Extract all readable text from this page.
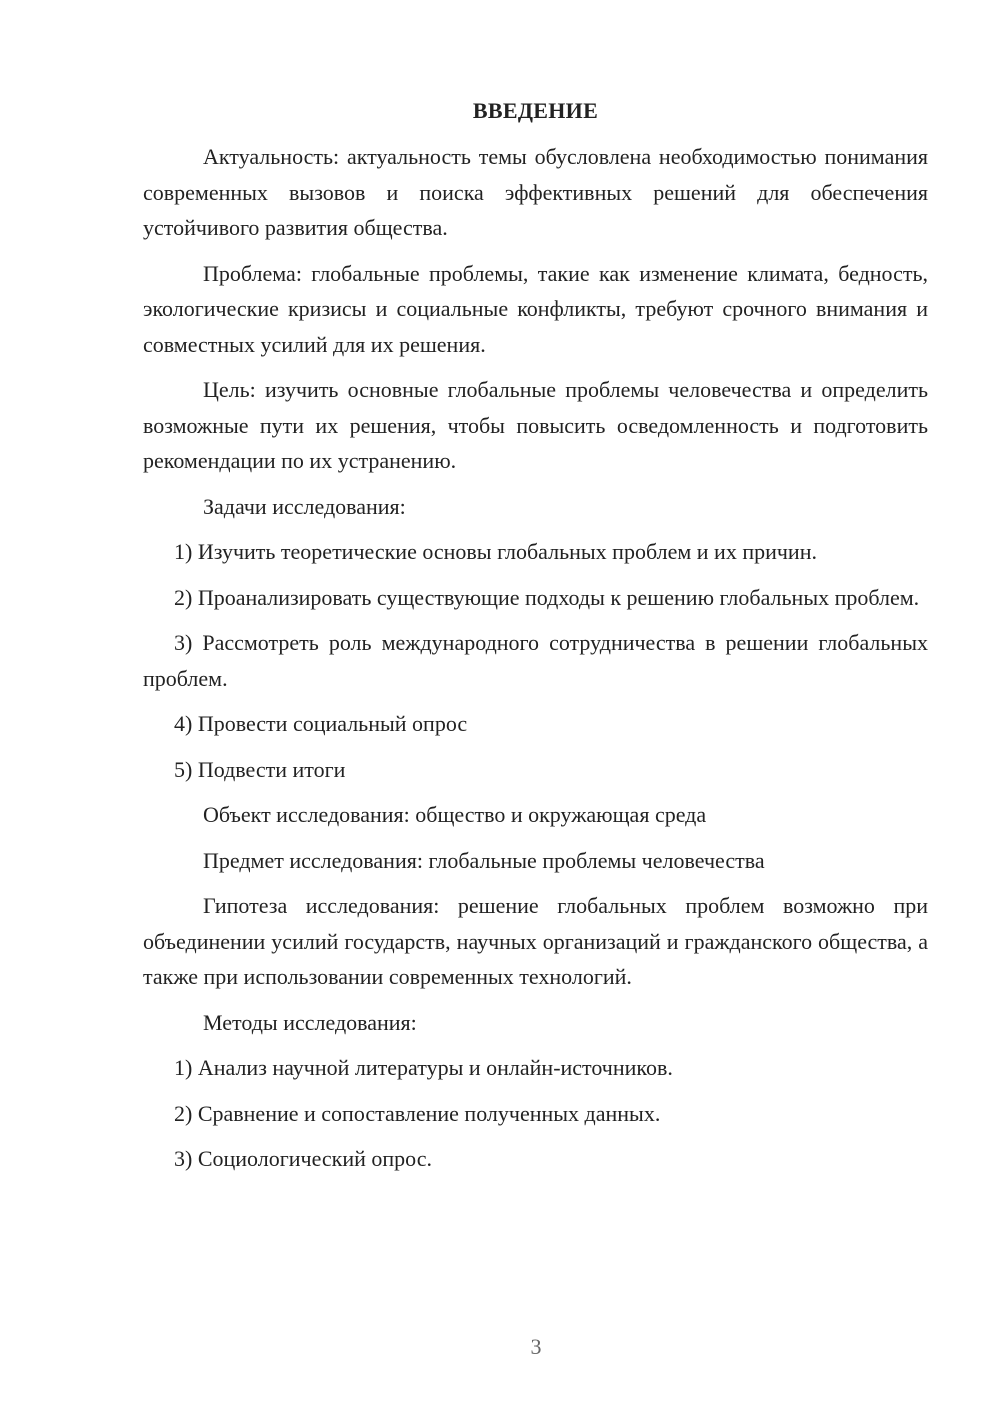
ВВЕДЕНИЕ

Актуальность: актуальность темы обусловлена необходимостью понимания современных вызовов и поиска эффективных решений для обеспечения устойчивого развития общества.

Проблема: глобальные проблемы, такие как изменение климата, бедность, экологические кризисы и социальные конфликты, требуют срочного внимания и совместных усилий для их решения.

Цель: изучить основные глобальные проблемы человечества и определить возможные пути их решения, чтобы повысить осведомленность и подготовить рекомендации по их устранению.

Задачи исследования:

1) Изучить теоретические основы глобальных проблем и их причин.

2) Проанализировать существующие подходы к решению глобальных проблем.

3) Рассмотреть роль международного сотрудничества в решении глобальных проблем.

4) Провести социальный опрос

5) Подвести итоги

Объект исследования: общество и окружающая среда

Предмет исследования: глобальные проблемы человечества

Гипотеза исследования: решение глобальных проблем возможно при объединении усилий государств, научных организаций и гражданского общества, а также при использовании современных технологий.

Методы исследования:

1) Анализ научной литературы и онлайн-источников.

2) Сравнение и сопоставление полученных данных.

3) Социологический опрос.

3
